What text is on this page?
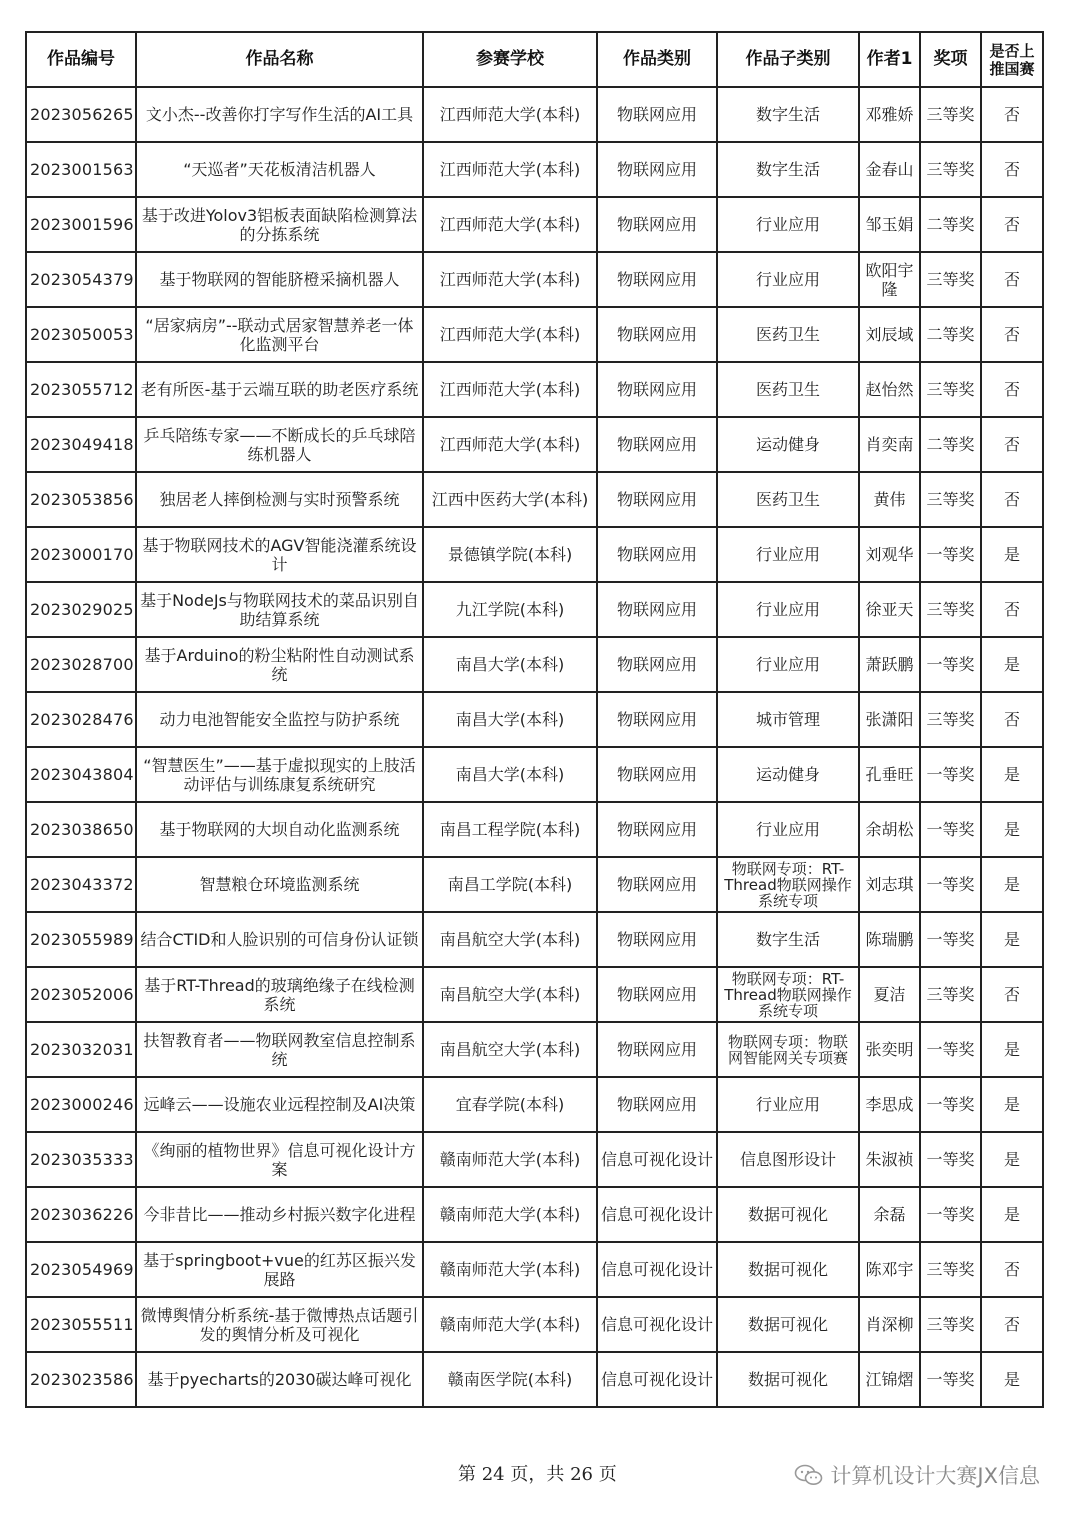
作品编号	作品名称	参赛学校	作品类别	作品子类别	作者1	奖项	是否上推国赛
2023056265	文小杰--改善你打字写作生活的AI工具	江西师范大学(本科)	物联网应用	数字生活	邓雅娇	三等奖	否
2023001563	“天巡者”天花板清洁机器人	江西师范大学(本科)	物联网应用	数字生活	金春山	三等奖	否
2023001596	基于改进Yolov3铝板表面缺陷检测算法的分拣系统	江西师范大学(本科)	物联网应用	行业应用	邹玉娟	二等奖	否
2023054379	基于物联网的智能脐橙采摘机器人	江西师范大学(本科)	物联网应用	行业应用	欧阳宇隆	三等奖	否
2023050053	“居家病房”--联动式居家智慧养老一体化监测平台	江西师范大学(本科)	物联网应用	医药卫生	刘辰域	二等奖	否
2023055712	老有所医-基于云端互联的助老医疗系统	江西师范大学(本科)	物联网应用	医药卫生	赵怡然	三等奖	否
2023049418	乒乓陪练专家——不断成长的乒乓球陪练机器人	江西师范大学(本科)	物联网应用	运动健身	肖奕南	二等奖	否
2023053856	独居老人摔倒检测与实时预警系统	江西中医药大学(本科)	物联网应用	医药卫生	黄伟	三等奖	否
2023000170	基于物联网技术的AGV智能浇灌系统设计	景德镇学院(本科)	物联网应用	行业应用	刘观华	一等奖	是
2023029025	基于NodeJs与物联网技术的菜品识别自助结算系统	九江学院(本科)	物联网应用	行业应用	徐亚天	三等奖	否
2023028700	基于Arduino的粉尘粘附性自动测试系统	南昌大学(本科)	物联网应用	行业应用	萧跃鹏	一等奖	是
2023028476	动力电池智能安全监控与防护系统	南昌大学(本科)	物联网应用	城市管理	张潇阳	三等奖	否
2023043804	“智慧医生”——基于虚拟现实的上肢活动评估与训练康复系统研究	南昌大学(本科)	物联网应用	运动健身	孔垂旺	一等奖	是
2023038650	基于物联网的大坝自动化监测系统	南昌工程学院(本科)	物联网应用	行业应用	余胡松	一等奖	是
2023043372	智慧粮仓环境监测系统	南昌工学院(本科)	物联网应用	物联网专项：RT-Thread物联网操作系统专项	刘志琪	一等奖	是
2023055989	结合CTID和人脸识别的可信身份认证锁	南昌航空大学(本科)	物联网应用	数字生活	陈瑞鹏	一等奖	是
2023052006	基于RT-Thread的玻璃绝缘子在线检测系统	南昌航空大学(本科)	物联网应用	物联网专项：RT-Thread物联网操作系统专项	夏洁	三等奖	否
2023032031	扶智教育者——物联网教室信息控制系统	南昌航空大学(本科)	物联网应用	物联网专项：物联网智能网关专项赛	张奕明	一等奖	是
2023000246	远峰云——设施农业远程控制及AI决策	宜春学院(本科)	物联网应用	行业应用	李思成	一等奖	是
2023035333	《绚丽的植物世界》信息可视化设计方案	赣南师范大学(本科)	信息可视化设计	信息图形设计	朱淑祯	一等奖	是
2023036226	今非昔比——推动乡村振兴数字化进程	赣南师范大学(本科)	信息可视化设计	数据可视化	余磊	一等奖	是
2023054969	基于springboot+vue的红苏区振兴发展路	赣南师范大学(本科)	信息可视化设计	数据可视化	陈邓宇	三等奖	否
2023055511	微博舆情分析系统-基于微博热点话题引发的舆情分析及可视化	赣南师范大学(本科)	信息可视化设计	数据可视化	肖深柳	三等奖	否
2023023586	基于pyecharts的2030碳达峰可视化	赣南医学院(本科)	信息可视化设计	数据可视化	江锦熠	一等奖	是
第 24 页，共 26 页	计算机设计大赛JX信息
